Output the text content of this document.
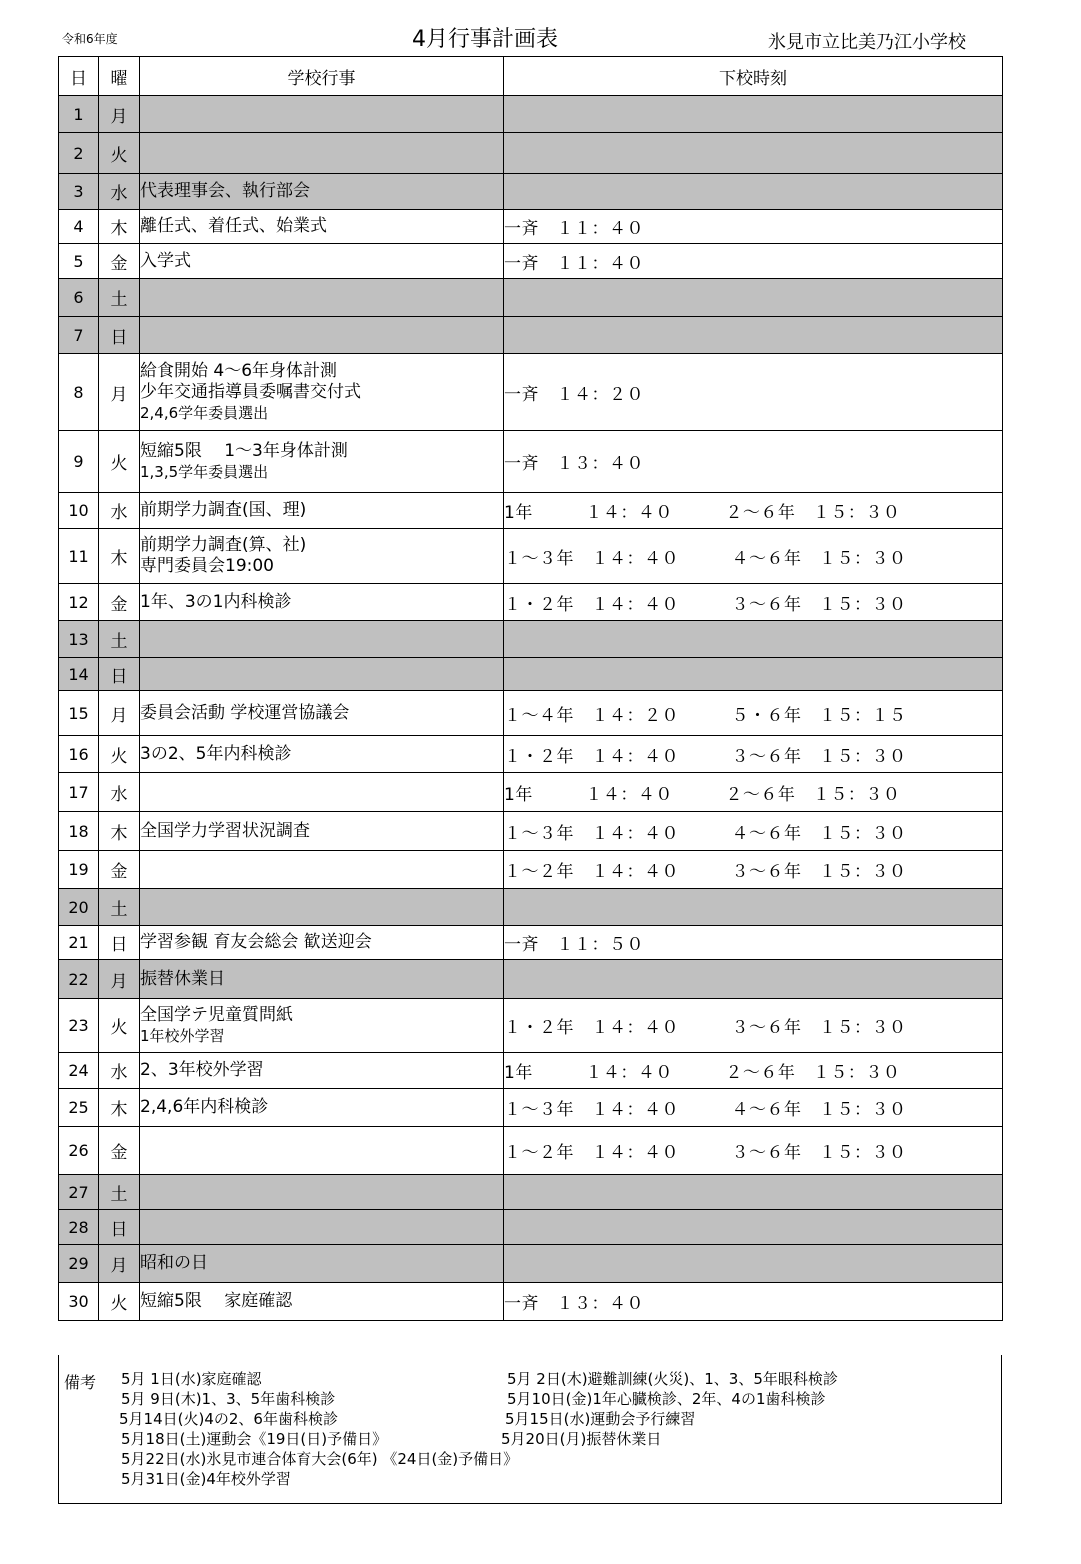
令和6年度	4月行事計画表	氷見市立比美乃江小学校
日	曜	学校行事	下校時刻
1	月		
2	火		
3	水	代表理事会、執行部会	

4	木	離任式、着任式、始業式	一斉　１１：４０
5	金	入学式	一斉　１１：４０
6	土		
7	日		
8	月	給食開始 4～6年身体計測
少年交通指導員委嘱書交付式
2,4,6学年委員選出	一斉　１４：２０
9	火	短縮5限　 1～3年身体計測
1,3,5学年委員選出	一斉　１３：４０
10	水	前期学力調査(国、理)	1年　　　１４：４０　　　２～６年　１５：３０
11	木	前期学力調査(算、社)
専門委員会19:00	１～３年　１４：４０　　　４～６年　１５：３０
12	金	1年、3の1内科検診	１・２年　１４：４０　　　３～６年　１５：３０
13	土		
14	日		
15	月	委員会活動 学校運営協議会	１～４年　１４：２０　　　５・６年　１５：１５
16	火	3の2、5年内科検診	１・２年　１４：４０　　　３～６年　１５：３０
17	水		1年　　　１４：４０　　　２～６年　１５：３０
18	木	全国学力学習状況調査	１～３年　１４：４０　　　４～６年　１５：３０
19	金		１～２年　１４：４０　　　３～６年　１５：３０
20	土		
21	日	学習参観 育友会総会 歓送迎会	一斉　１１：５０
22	月	振替休業日	

23	火	全国学テ児童質問紙
1年校外学習	１・２年　１４：４０　　　３～６年　１５：３０
24	水	2、3年校外学習	1年　　　１４：４０　　　２～６年　１５：３０
25	木	2,4,6年内科検診	１～３年　１４：４０　　　４～６年　１５：３０
26	金		１～２年　１４：４０　　　３～６年　１５：３０
27	土		
28	日		
29	月	昭和の日	

30	火	短縮5限　 家庭確認	一斉　１３：４０
備考 5月 1日(水)家庭確認	5月 2日(木)避難訓練(火災)、1、3、5年眼科検診
5月 9日(木)1、3、5年歯科検診	5月10日(金)1年心臓検診、2年、4の1歯科検診
5月14日(火)4の2、6年歯科検診	5月15日(水)運動会予行練習
5月18日(土)運動会《19日(日)予備日》	5月20日(月)振替休業日
5月22日(水)氷見市連合体育大会(6年) 《24日(金)予備日》
5月31日(金)4年校外学習
